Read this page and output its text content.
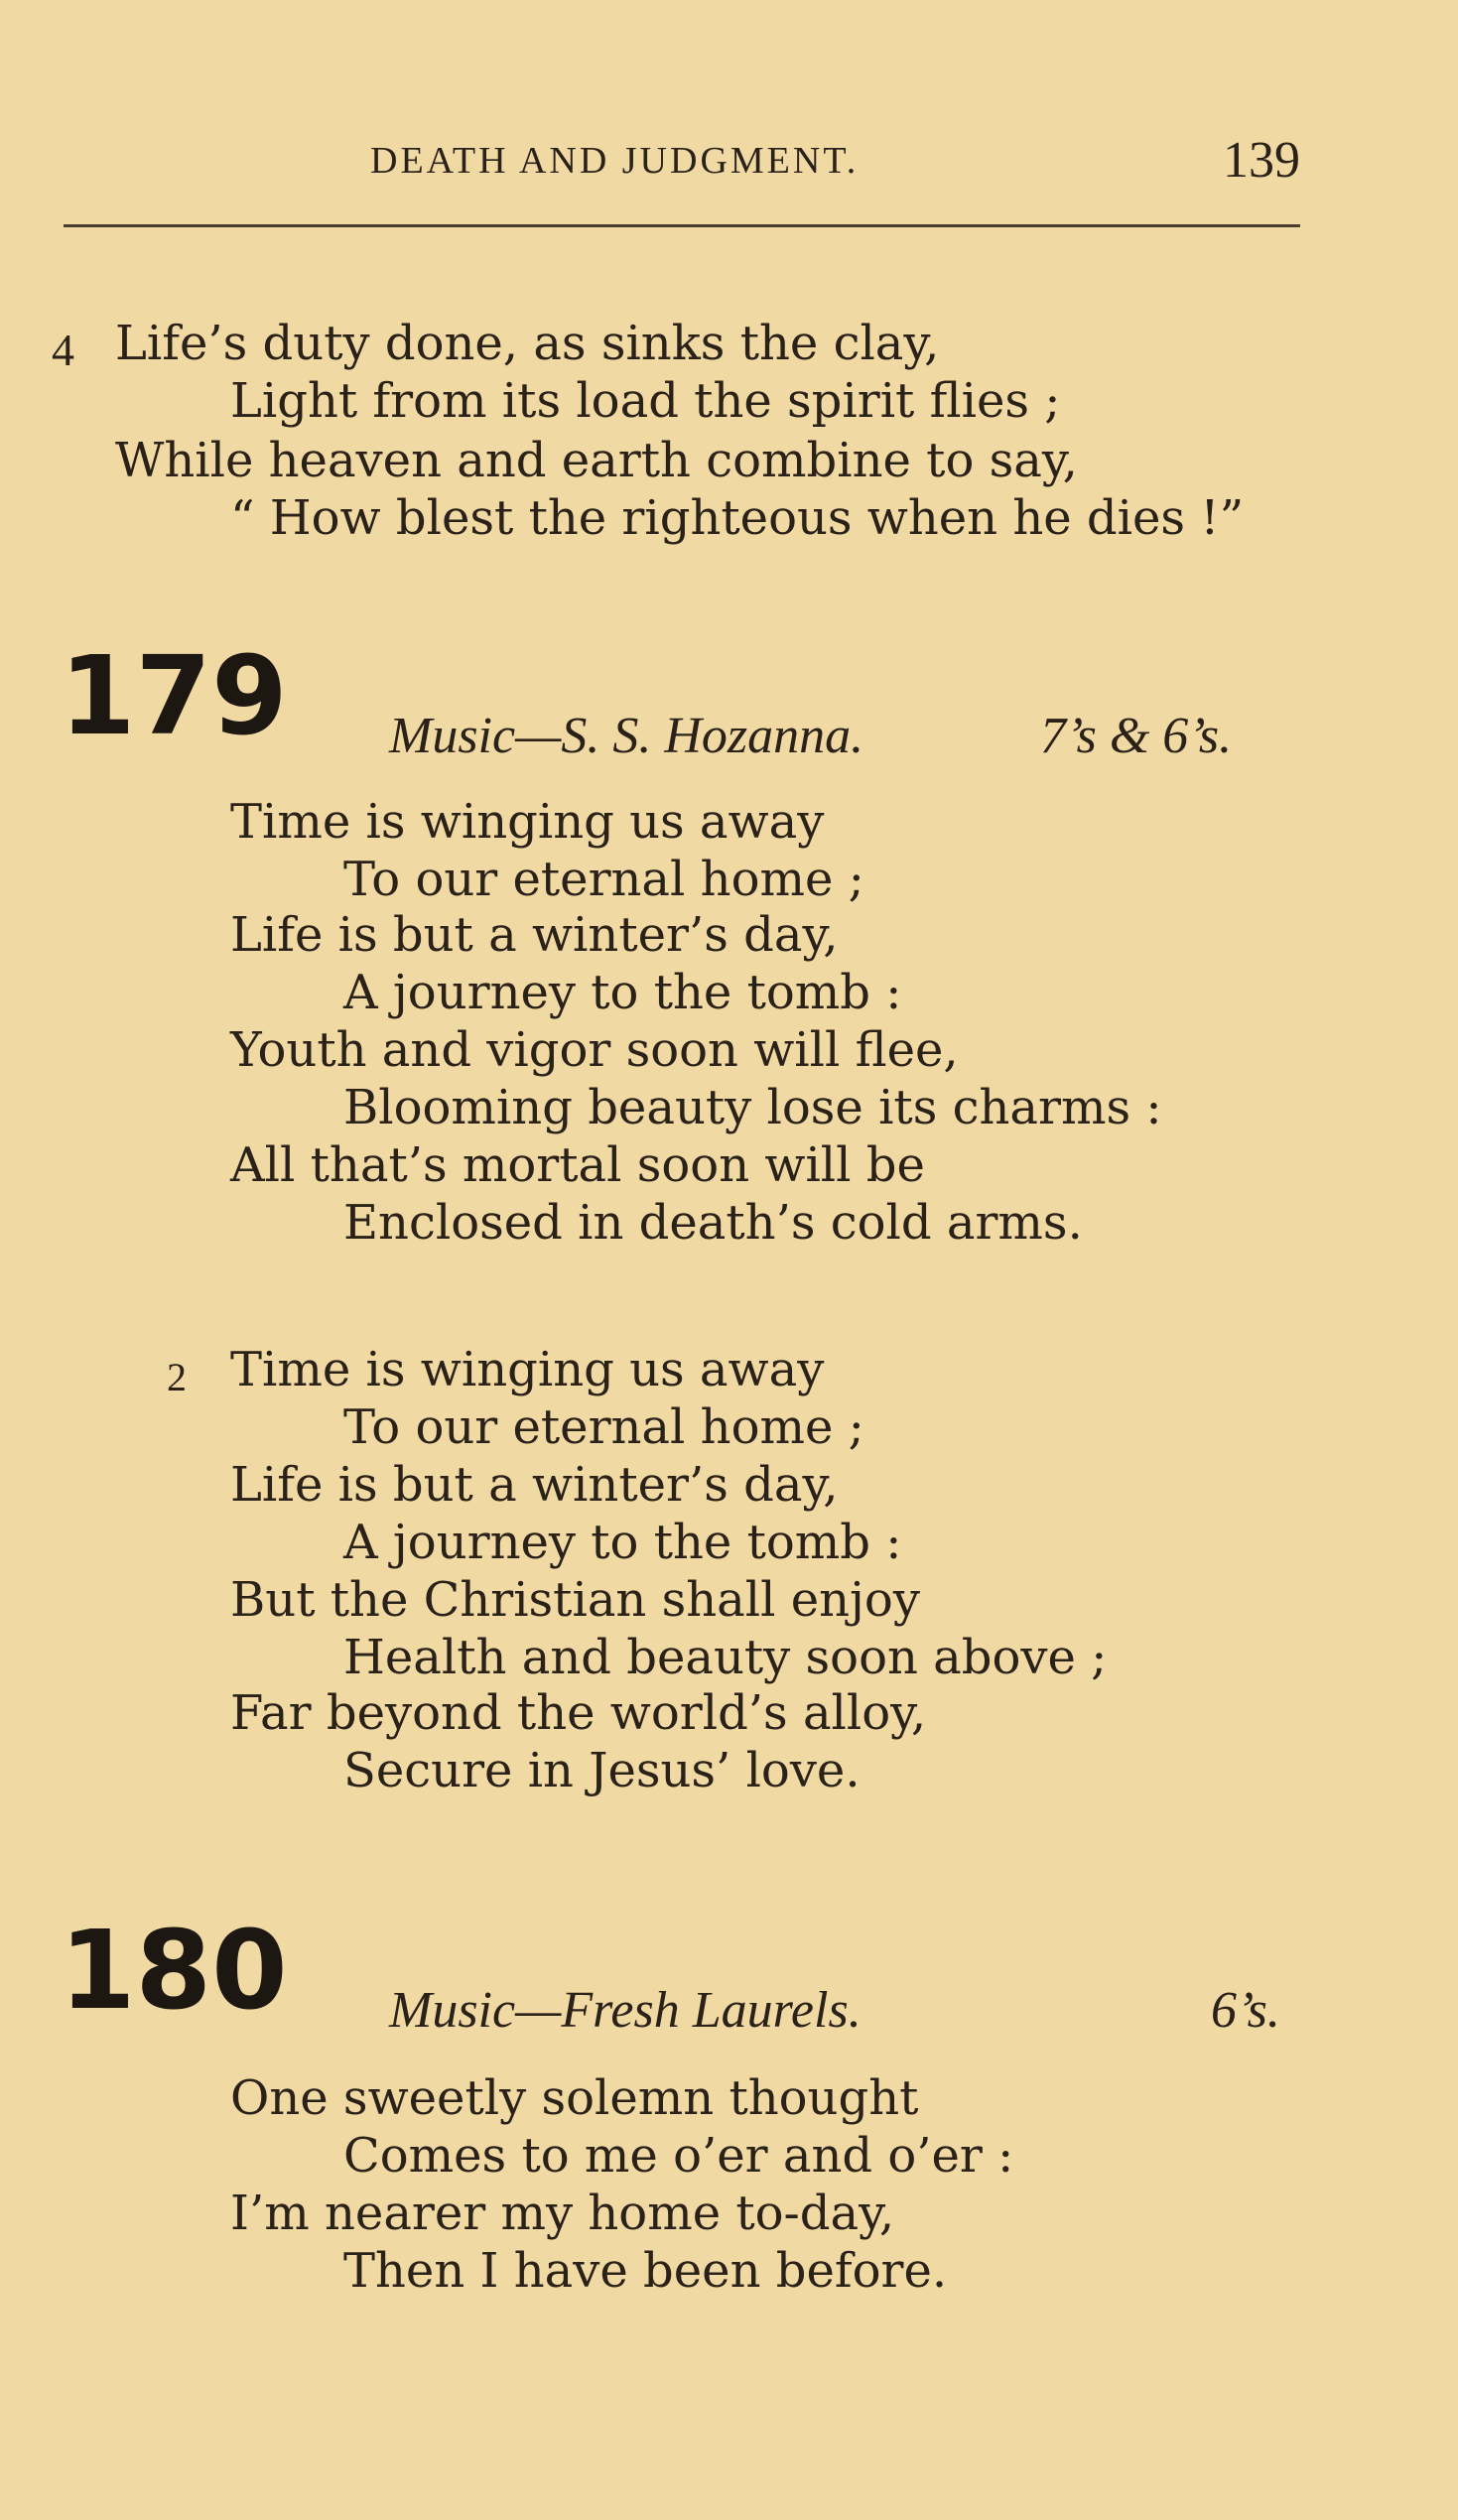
DEATH AND JUDGMENT.	139
4 Life’s duty done, as sinks the clay,
Light from its load the spirit flies ;
While heaven and earth combine to say,
“ How blest the righteous when he dies !”
179 Music—S. S. Hozanna.	7’s & 6’s.
Time is winging us away
To our eternal home ;
Life is but a winter’s day,
A journey to the tomb :
Youth and vigor soon will flee,
Blooming beauty lose its charms :
All that’s mortal soon will be
Enclosed in death’s cold arms.
2 Time is winging us away
To our eternal home ;
Life is but a winter’s day,
A journey to the tomb :
But the Christian shall enjoy
Health and beauty soon above ;
Far beyond the world’s alloy,
Secure in Jesus’ love.
180 Music—Fresh Laurels.	6’s.
One sweetly solemn thought
Comes to me o’er and o’er :
I’m nearer my home to-day,
Then I have been before.
